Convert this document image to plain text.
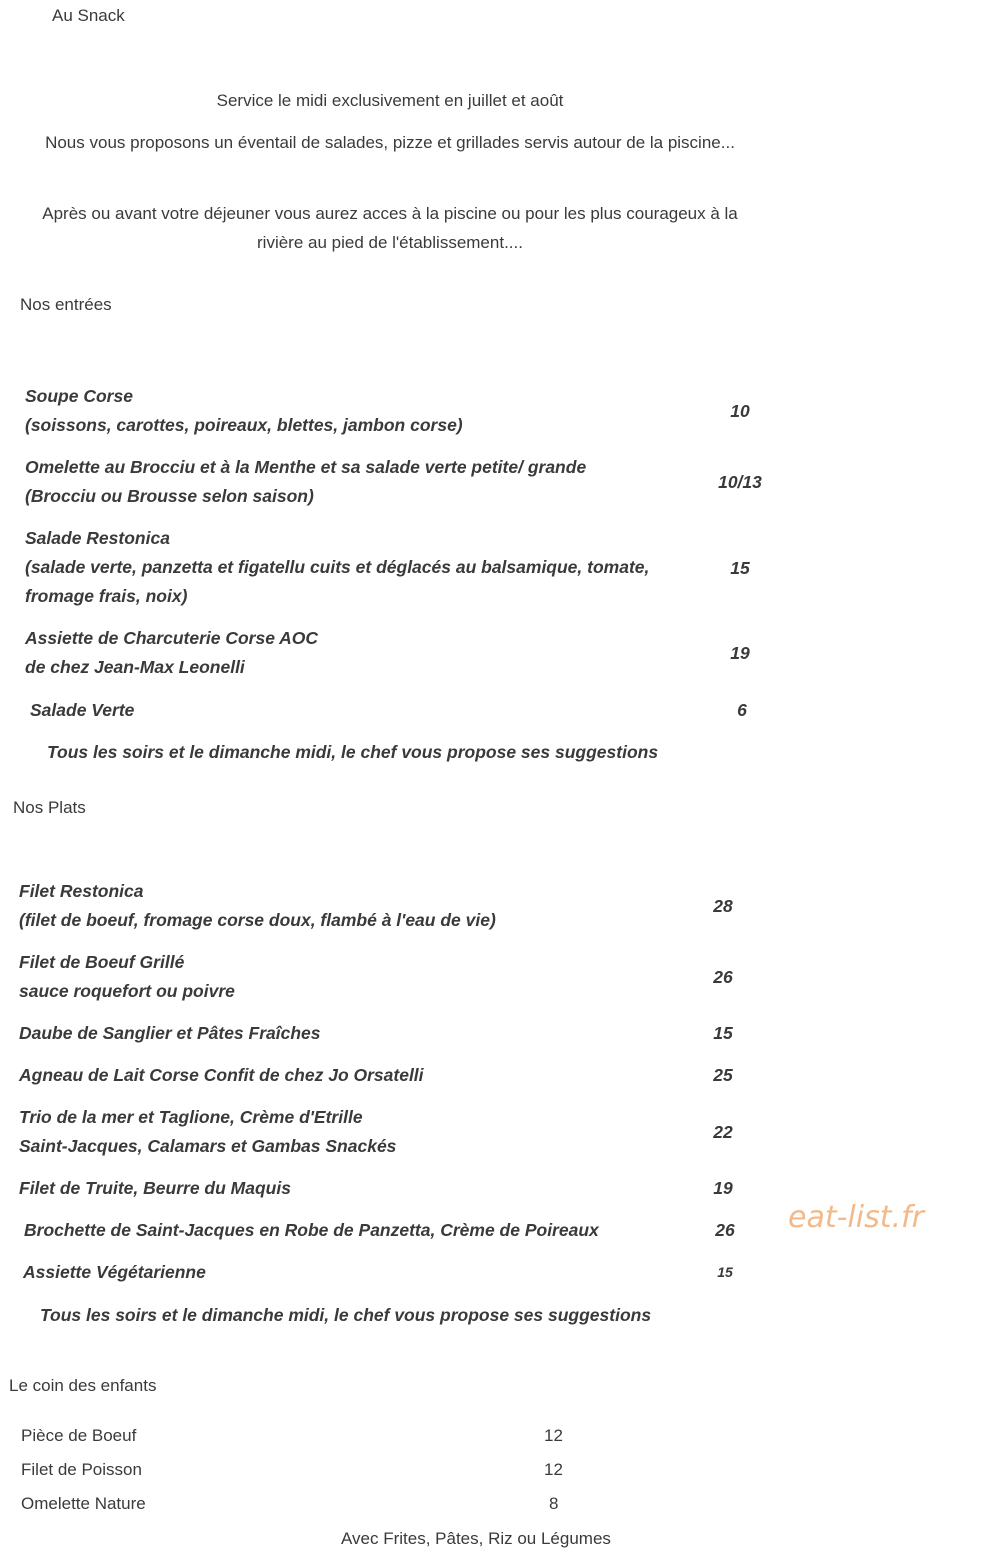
Au Snack
Service le midi exclusivement en juillet et août
Nous vous proposons un éventail de salades, pizze et grillades servis autour de la piscine...
Après ou avant votre déjeuner vous aurez acces à la piscine ou pour les plus courageux à la rivière au pied de l'établissement....
Nos entrées
Soupe Corse
(soissons, carottes, poireaux, blettes, jambon corse)
10
Omelette au Brocciu et à la Menthe et sa salade verte petite/ grande
(Brocciu ou Brousse selon saison)
10/13
Salade Restonica
(salade verte, panzetta et figatellu cuits et déglacés au balsamique, tomate,
fromage frais, noix)
15
Assiette de Charcuterie Corse AOC
de chez Jean-Max Leonelli
19
Salade Verte	6
Tous les soirs et le dimanche midi, le chef vous propose ses suggestions
Nos Plats
Filet Restonica
(filet de boeuf, fromage corse doux, flambé à l'eau de vie)
28
Filet de Boeuf Grillé
sauce roquefort ou poivre
26
Daube de Sanglier et Pâtes Fraîches	15
Agneau de Lait Corse Confit de chez Jo Orsatelli	25
Trio de la mer et Taglione, Crème d'Etrille
Saint-Jacques, Calamars et Gambas Snackés
22
Filet de Truite, Beurre du Maquis	19
Brochette de Saint-Jacques en Robe de Panzetta, Crème de Poireaux	26
Assiette Végétarienne	15
Tous les soirs et le dimanche midi, le chef vous propose ses suggestions
eat-list.fr
Le coin des enfants
Pièce de Boeuf	12
Filet de Poisson	12
Omelette Nature	8
Avec Frites, Pâtes, Riz ou Légumes
